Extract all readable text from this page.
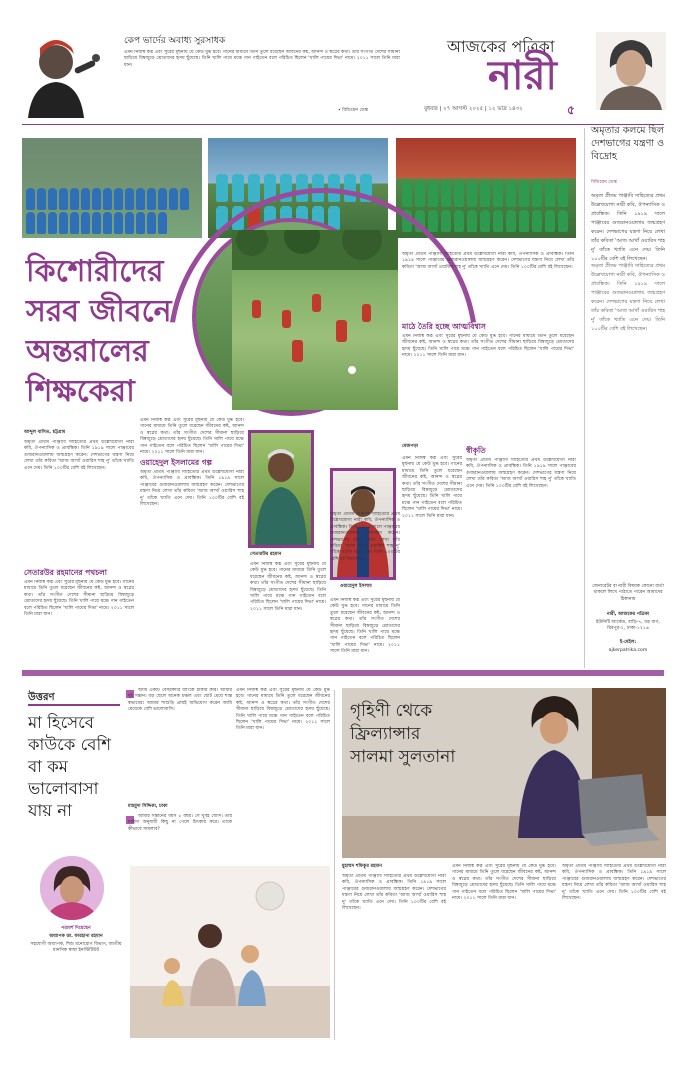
কেপ ভার্দের অবাধ্য সুরসাধক
এমন নিজস্ব কণ্ঠ এবং সুরের মূর্ছনায় যে কেউ মুগ্ধ হবে। গানের মাধ্যমে তিনি তুলে ধরেছেন জীবনের কষ্ট, আনন্দ ও স্বপ্নের কথা। তাঁর সংগীত দেশের সীমানা ছাড়িয়ে বিশ্বজুড়ে শ্রোতাদের হৃদয় ছুঁয়েছে। তিনি খালি পায়ে মঞ্চে গান গাইতেন বলে পরিচিত ছিলেন 'খালি পায়ের দিভা' নামে। ২০১১ সালে তিনি মারা যান।
• বিডিয়েন ডেস্ক
আজকের পত্রিকা
নারী
বুধবার | ২৭ আগস্ট ২০২৫ | ১২ ভাদ্র ১৪৩২	৫
অমৃতার কলমে ছিল দেশভাগের যন্ত্রণা ও বিদ্রোহ
বিডিয়েন ডেস্ক
অমৃতা প্রীতম পাঞ্জাবি সাহিত্যের প্রথম উল্লেখযোগ্য নারী কবি, ঔপন্যাসিক ও প্রাবন্ধিক। তিনি ১৯১৯ সালে পাঞ্জাবের গুজরানওয়ালায় জন্মগ্রহণ করেন। দেশভাগের যন্ত্রণা নিয়ে লেখা তাঁর কবিতা 'আজ আখাঁ ওয়ারিস শাহ নু' তাঁকে খ্যাতি এনে দেয়। তিনি ১০০টির বেশি বই লিখেছেন।
অমৃতা প্রীতম পাঞ্জাবি সাহিত্যের প্রথম উল্লেখযোগ্য নারী কবি, ঔপন্যাসিক ও প্রাবন্ধিক। তিনি ১৯১৯ সালে পাঞ্জাবের গুজরানওয়ালায় জন্মগ্রহণ করেন। দেশভাগের যন্ত্রণা নিয়ে লেখা তাঁর কবিতা 'আজ আখাঁ ওয়ারিস শাহ নু' তাঁকে খ্যাতি এনে দেয়। তিনি ১০০টির বেশি বই লিখেছেন।
জেনারেটর বা নারী বিষয়ক কোনো বার্তা থাকলে লিখে পাঠাতে পারেন আমাদের ঠিকানায়
নারী, আজকের পত্রিকা
ইউনিটি আর্কেড, বাড়ি-৭, বড় বাগ, মিরপুর-২, ঢাকা-১২১৬
ই-মেইল:
ajkerpatrika.com
কিশোরীদের
সরব জীবনে
অন্তরালের
শিক্ষকেরা
আব্দুল বাসিত, চট্টগ্রাম
অমৃতা প্রীতম পাঞ্জাবি সাহিত্যের প্রথম উল্লেখযোগ্য নারী কবি, ঔপন্যাসিক ও প্রাবন্ধিক। তিনি ১৯১৯ সালে পাঞ্জাবের গুজরানওয়ালায় জন্মগ্রহণ করেন। দেশভাগের যন্ত্রণা নিয়ে লেখা তাঁর কবিতা 'আজ আখাঁ ওয়ারিস শাহ নু' তাঁকে খ্যাতি এনে দেয়। তিনি ১০০টির বেশি বই লিখেছেন।
সেতারউর রহমানের পথচলা
এমন নিজস্ব কণ্ঠ এবং সুরের মূর্ছনায় যে কেউ মুগ্ধ হবে। গানের মাধ্যমে তিনি তুলে ধরেছেন জীবনের কষ্ট, আনন্দ ও স্বপ্নের কথা। তাঁর সংগীত দেশের সীমানা ছাড়িয়ে বিশ্বজুড়ে শ্রোতাদের হৃদয় ছুঁয়েছে। তিনি খালি পায়ে মঞ্চে গান গাইতেন বলে পরিচিত ছিলেন 'খালি পায়ের দিভা' নামে। ২০১১ সালে তিনি মারা যান।
এমন নিজস্ব কণ্ঠ এবং সুরের মূর্ছনায় যে কেউ মুগ্ধ হবে। গানের মাধ্যমে তিনি তুলে ধরেছেন জীবনের কষ্ট, আনন্দ ও স্বপ্নের কথা। তাঁর সংগীত দেশের সীমানা ছাড়িয়ে বিশ্বজুড়ে শ্রোতাদের হৃদয় ছুঁয়েছে। তিনি খালি পায়ে মঞ্চে গান গাইতেন বলে পরিচিত ছিলেন 'খালি পায়ের দিভা' নামে। ২০১১ সালে তিনি মারা যান।
ওয়াহেদুল ইসলামের গল্প
অমৃতা প্রীতম পাঞ্জাবি সাহিত্যের প্রথম উল্লেখযোগ্য নারী কবি, ঔপন্যাসিক ও প্রাবন্ধিক। তিনি ১৯১৯ সালে পাঞ্জাবের গুজরানওয়ালায় জন্মগ্রহণ করেন। দেশভাগের যন্ত্রণা নিয়ে লেখা তাঁর কবিতা 'আজ আখাঁ ওয়ারিস শাহ নু' তাঁকে খ্যাতি এনে দেয়। তিনি ১০০টির বেশি বই লিখেছেন।
সেতারউর রহমান
ওয়াহেদুল ইসলাম
মেজপড়া
এমন নিজস্ব কণ্ঠ এবং সুরের মূর্ছনায় যে কেউ মুগ্ধ হবে। গানের মাধ্যমে তিনি তুলে ধরেছেন জীবনের কষ্ট, আনন্দ ও স্বপ্নের কথা। তাঁর সংগীত দেশের সীমানা ছাড়িয়ে বিশ্বজুড়ে শ্রোতাদের হৃদয় ছুঁয়েছে। তিনি খালি পায়ে মঞ্চে গান গাইতেন বলে পরিচিত ছিলেন 'খালি পায়ের দিভা' নামে। ২০১১ সালে তিনি মারা যান।
অমৃতা প্রীতম পাঞ্জাবি সাহিত্যের প্রথম উল্লেখযোগ্য নারী কবি, ঔপন্যাসিক ও প্রাবন্ধিক। তিনি ১৯১৯ সালে পাঞ্জাবের গুজরানওয়ালায় জন্মগ্রহণ করেন। দেশভাগের যন্ত্রণা নিয়ে লেখা তাঁর কবিতা 'আজ আখাঁ ওয়ারিস শাহ নু' তাঁকে খ্যাতি এনে দেয়। তিনি ১০০টির বেশি বই লিখেছেন।
এমন নিজস্ব কণ্ঠ এবং সুরের মূর্ছনায় যে কেউ মুগ্ধ হবে। গানের মাধ্যমে তিনি তুলে ধরেছেন জীবনের কষ্ট, আনন্দ ও স্বপ্নের কথা। তাঁর সংগীত দেশের সীমানা ছাড়িয়ে বিশ্বজুড়ে শ্রোতাদের হৃদয় ছুঁয়েছে। তিনি খালি পায়ে মঞ্চে গান গাইতেন বলে পরিচিত ছিলেন 'খালি পায়ের দিভা' নামে। ২০১১ সালে তিনি মারা যান।
অমৃতা প্রীতম পাঞ্জাবি সাহিত্যের প্রথম উল্লেখযোগ্য নারী কবি, ঔপন্যাসিক ও প্রাবন্ধিক। তিনি ১৯১৯ সালে পাঞ্জাবের গুজরানওয়ালায় জন্মগ্রহণ করেন। দেশভাগের যন্ত্রণা নিয়ে লেখা তাঁর কবিতা 'আজ আখাঁ ওয়ারিস শাহ নু' তাঁকে খ্যাতি এনে দেয়। তিনি ১০০টির বেশি বই লিখেছেন।
মাঠে তৈরি হচ্ছে আত্মবিশ্বাস
এমন নিজস্ব কণ্ঠ এবং সুরের মূর্ছনায় যে কেউ মুগ্ধ হবে। গানের মাধ্যমে তিনি তুলে ধরেছেন জীবনের কষ্ট, আনন্দ ও স্বপ্নের কথা। তাঁর সংগীত দেশের সীমানা ছাড়িয়ে বিশ্বজুড়ে শ্রোতাদের হৃদয় ছুঁয়েছে। তিনি খালি পায়ে মঞ্চে গান গাইতেন বলে পরিচিত ছিলেন 'খালি পায়ের দিভা' নামে। ২০১১ সালে তিনি মারা যান।
স্বীকৃতি
অমৃতা প্রীতম পাঞ্জাবি সাহিত্যের প্রথম উল্লেখযোগ্য নারী কবি, ঔপন্যাসিক ও প্রাবন্ধিক। তিনি ১৯১৯ সালে পাঞ্জাবের গুজরানওয়ালায় জন্মগ্রহণ করেন। দেশভাগের যন্ত্রণা নিয়ে লেখা তাঁর কবিতা 'আজ আখাঁ ওয়ারিস শাহ নু' তাঁকে খ্যাতি এনে দেয়। তিনি ১০০টির বেশি বই লিখেছেন।
এমন নিজস্ব কণ্ঠ এবং সুরের মূর্ছনায় যে কেউ মুগ্ধ হবে। গানের মাধ্যমে তিনি তুলে ধরেছেন জীবনের কষ্ট, আনন্দ ও স্বপ্নের কথা। তাঁর সংগীত দেশের সীমানা ছাড়িয়ে বিশ্বজুড়ে শ্রোতাদের হৃদয় ছুঁয়েছে। তিনি খালি পায়ে মঞ্চে গান গাইতেন বলে পরিচিত ছিলেন 'খালি পায়ের দিভা' নামে। ২০১১ সালে তিনি মারা যান।
উত্তরণ
মা হিসেবে কাউকে বেশি বা কম ভালোবাসা যায় না
পরামর্শ দিয়েছেন
অধ্যাপক ডা. ফারহানা রহমান
সহযোগী অধ্যাপক, শিশু মনোরোগ বিভাগ, জাতীয় মানসিক স্বাস্থ্য ইনস্টিটিউট
আমি একটি বেসরকারি ব্যাংকে চাকরি করি। আমার দুই সন্তান। বড় ছেলে অনেক চঞ্চল এবং ছোট মেয়ে শান্ত স্বভাবের। আমার শাশুড়ি প্রায়ই অভিযোগ করেন আমি মেয়েকে বেশি ভালোবাসি।
মাহমুদা সিদ্দিকা, ঢাকা
আমার সন্তানের বয়স ৮ বছর। সে খুবই জেদি। তার চাহিদা অনুযায়ী কিছু না পেলে চিৎকার করে। তাকে কীভাবে সামলাব?
এমন নিজস্ব কণ্ঠ এবং সুরের মূর্ছনায় যে কেউ মুগ্ধ হবে। গানের মাধ্যমে তিনি তুলে ধরেছেন জীবনের কষ্ট, আনন্দ ও স্বপ্নের কথা। তাঁর সংগীত দেশের সীমানা ছাড়িয়ে বিশ্বজুড়ে শ্রোতাদের হৃদয় ছুঁয়েছে। তিনি খালি পায়ে মঞ্চে গান গাইতেন বলে পরিচিত ছিলেন 'খালি পায়ের দিভা' নামে। ২০১১ সালে তিনি মারা যান।
গৃহিণী থেকে ফ্রিল্যান্সার সালমা সুলতানা
মুহাম্মদ শফিকুর রহমান
অমৃতা প্রীতম পাঞ্জাবি সাহিত্যের প্রথম উল্লেখযোগ্য নারী কবি, ঔপন্যাসিক ও প্রাবন্ধিক। তিনি ১৯১৯ সালে পাঞ্জাবের গুজরানওয়ালায় জন্মগ্রহণ করেন। দেশভাগের যন্ত্রণা নিয়ে লেখা তাঁর কবিতা 'আজ আখাঁ ওয়ারিস শাহ নু' তাঁকে খ্যাতি এনে দেয়। তিনি ১০০টির বেশি বই লিখেছেন।
এমন নিজস্ব কণ্ঠ এবং সুরের মূর্ছনায় যে কেউ মুগ্ধ হবে। গানের মাধ্যমে তিনি তুলে ধরেছেন জীবনের কষ্ট, আনন্দ ও স্বপ্নের কথা। তাঁর সংগীত দেশের সীমানা ছাড়িয়ে বিশ্বজুড়ে শ্রোতাদের হৃদয় ছুঁয়েছে। তিনি খালি পায়ে মঞ্চে গান গাইতেন বলে পরিচিত ছিলেন 'খালি পায়ের দিভা' নামে। ২০১১ সালে তিনি মারা যান।
অমৃতা প্রীতম পাঞ্জাবি সাহিত্যের প্রথম উল্লেখযোগ্য নারী কবি, ঔপন্যাসিক ও প্রাবন্ধিক। তিনি ১৯১৯ সালে পাঞ্জাবের গুজরানওয়ালায় জন্মগ্রহণ করেন। দেশভাগের যন্ত্রণা নিয়ে লেখা তাঁর কবিতা 'আজ আখাঁ ওয়ারিস শাহ নু' তাঁকে খ্যাতি এনে দেয়। তিনি ১০০টির বেশি বই লিখেছেন।
